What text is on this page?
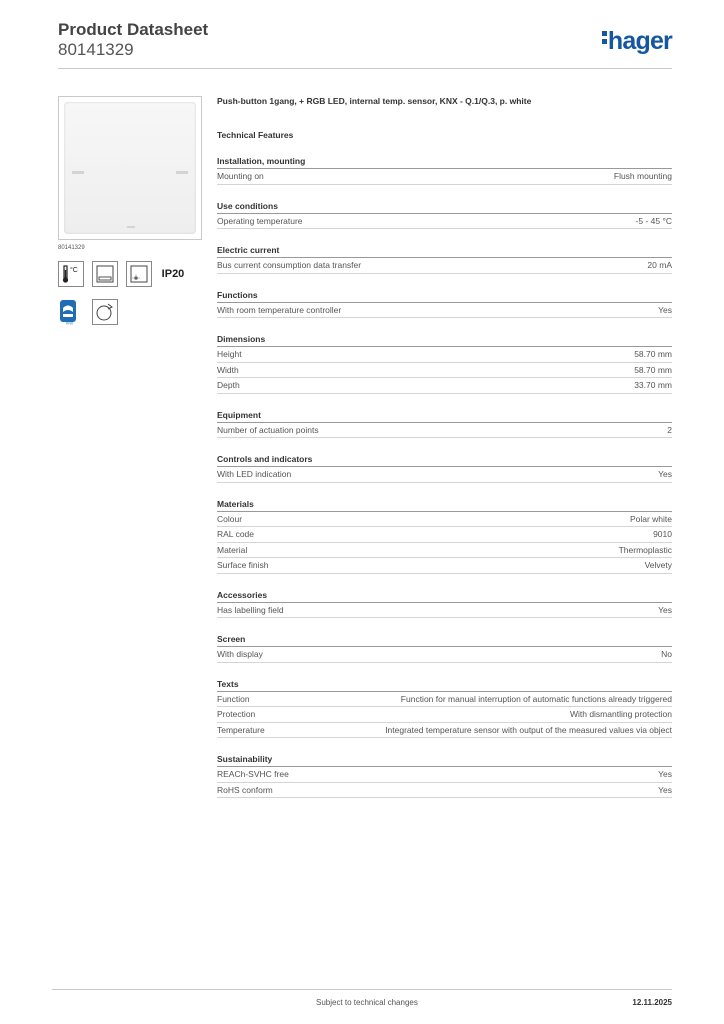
Product Datasheet
80141329	hager
80141329
°C	IP20
KNX
Push-button 1gang, + RGB LED, internal temp. sensor, KNX - Q.1/Q.3, p. white
Technical Features
Installation, mounting
Mounting on	Flush mounting
Use conditions
Operating temperature	-5 - 45 °C
Electric current
Bus current consumption data transfer	20 mA
Functions
With room temperature controller	Yes
Dimensions
Height	58.70 mm
Width	58.70 mm
Depth	33.70 mm
Equipment
Number of actuation points	2
Controls and indicators
With LED indication	Yes
Materials
Colour	Polar white
RAL code	9010
Material	Thermoplastic
Surface finish	Velvety
Accessories
Has labelling field	Yes
Screen
With display	No
Texts
Function	Function for manual interruption of automatic functions already triggered
Protection	With dismantling protection
Temperature	Integrated temperature sensor with output of the measured values via object
Sustainability
REACh-SVHC free	Yes
RoHS conform	Yes
Subject to technical changes	12.11.2025
